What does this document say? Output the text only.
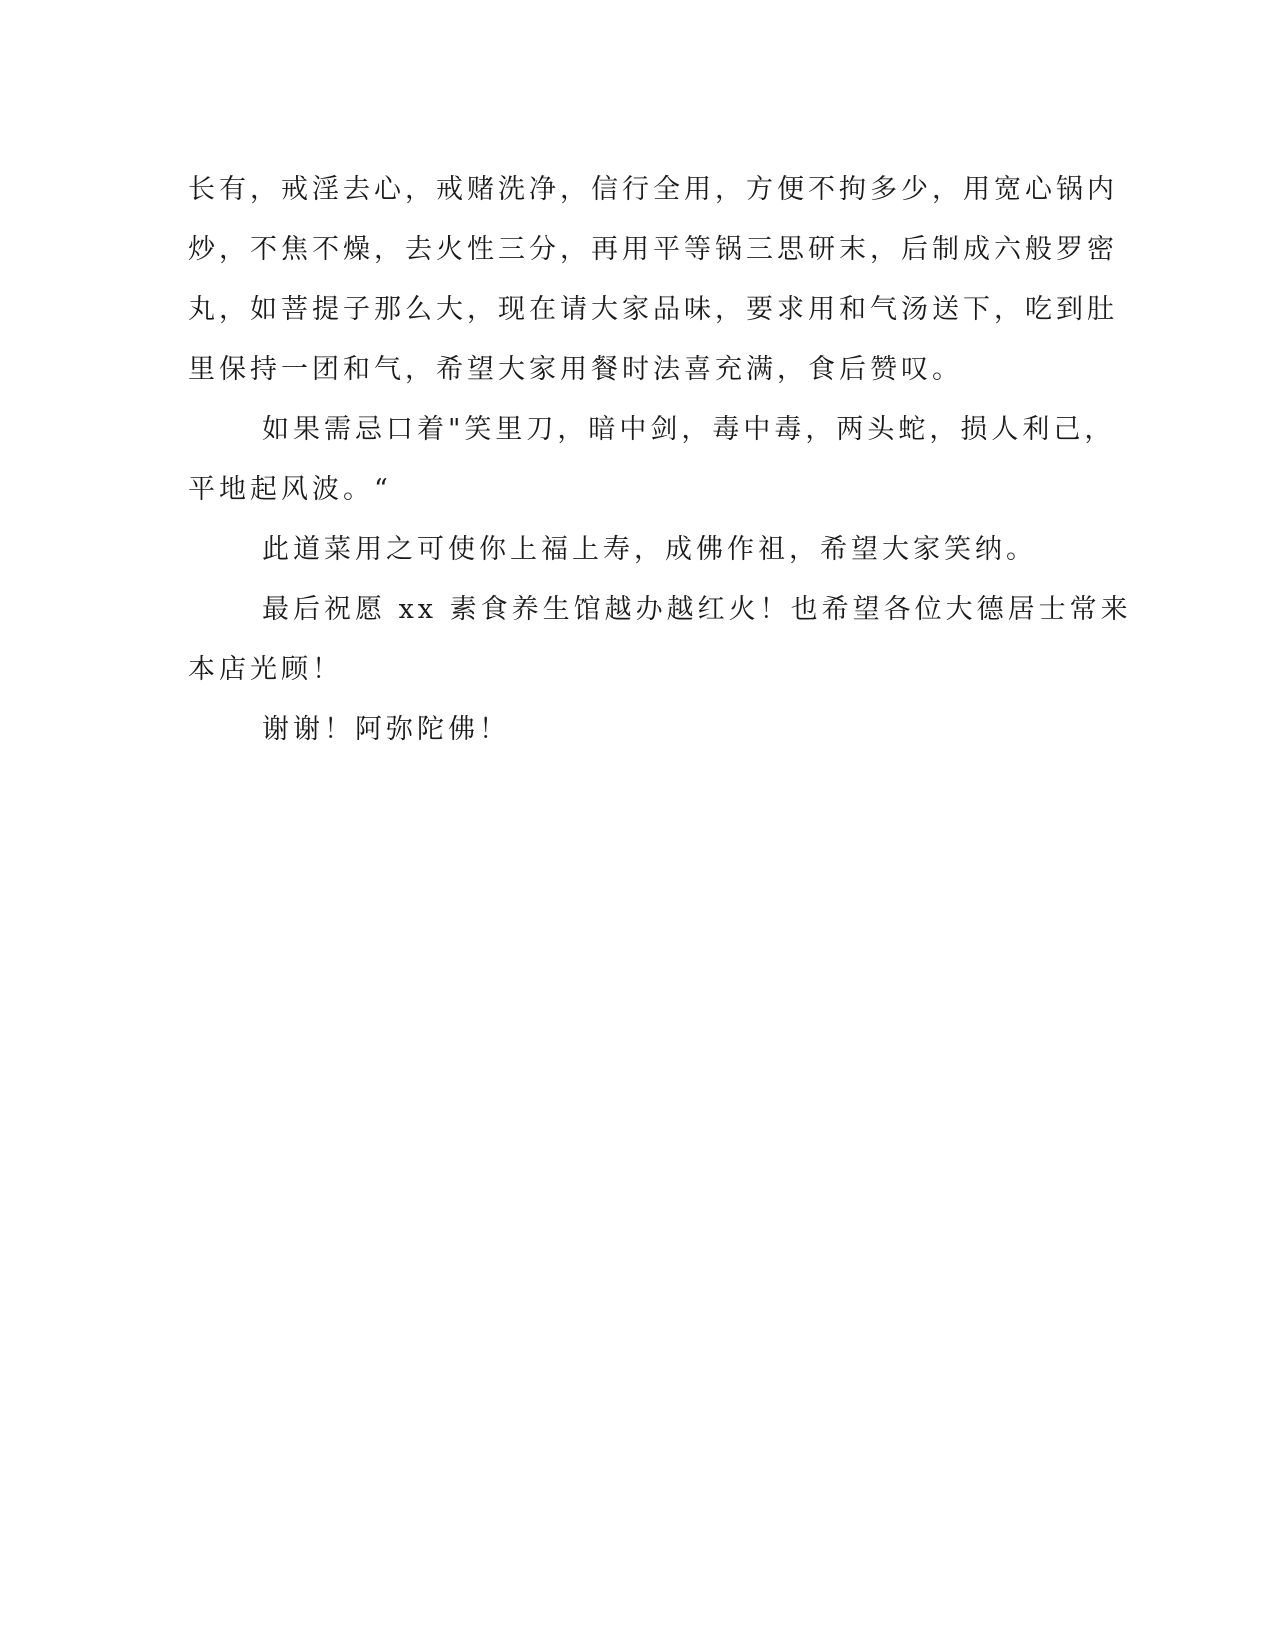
长有，戒淫去心，戒赌洗净，信行全用，方便不拘多少，用宽心锅内
炒，不焦不燥，去火性三分，再用平等锅三思研末，后制成六般罗密
丸，如菩提子那么大，现在请大家品味，要求用和气汤送下，吃到肚
里保持一团和气，希望大家用餐时法喜充满，食后赞叹。

如果需忌口着"笑里刀，暗中剑，毒中毒，两头蛇，损人利己，
平地起风波。“

此道菜用之可使你上福上寿，成佛作祖，希望大家笑纳。

最后祝愿 xx 素食养生馆越办越红火！也希望各位大德居士常来
本店光顾！

谢谢！阿弥陀佛！
